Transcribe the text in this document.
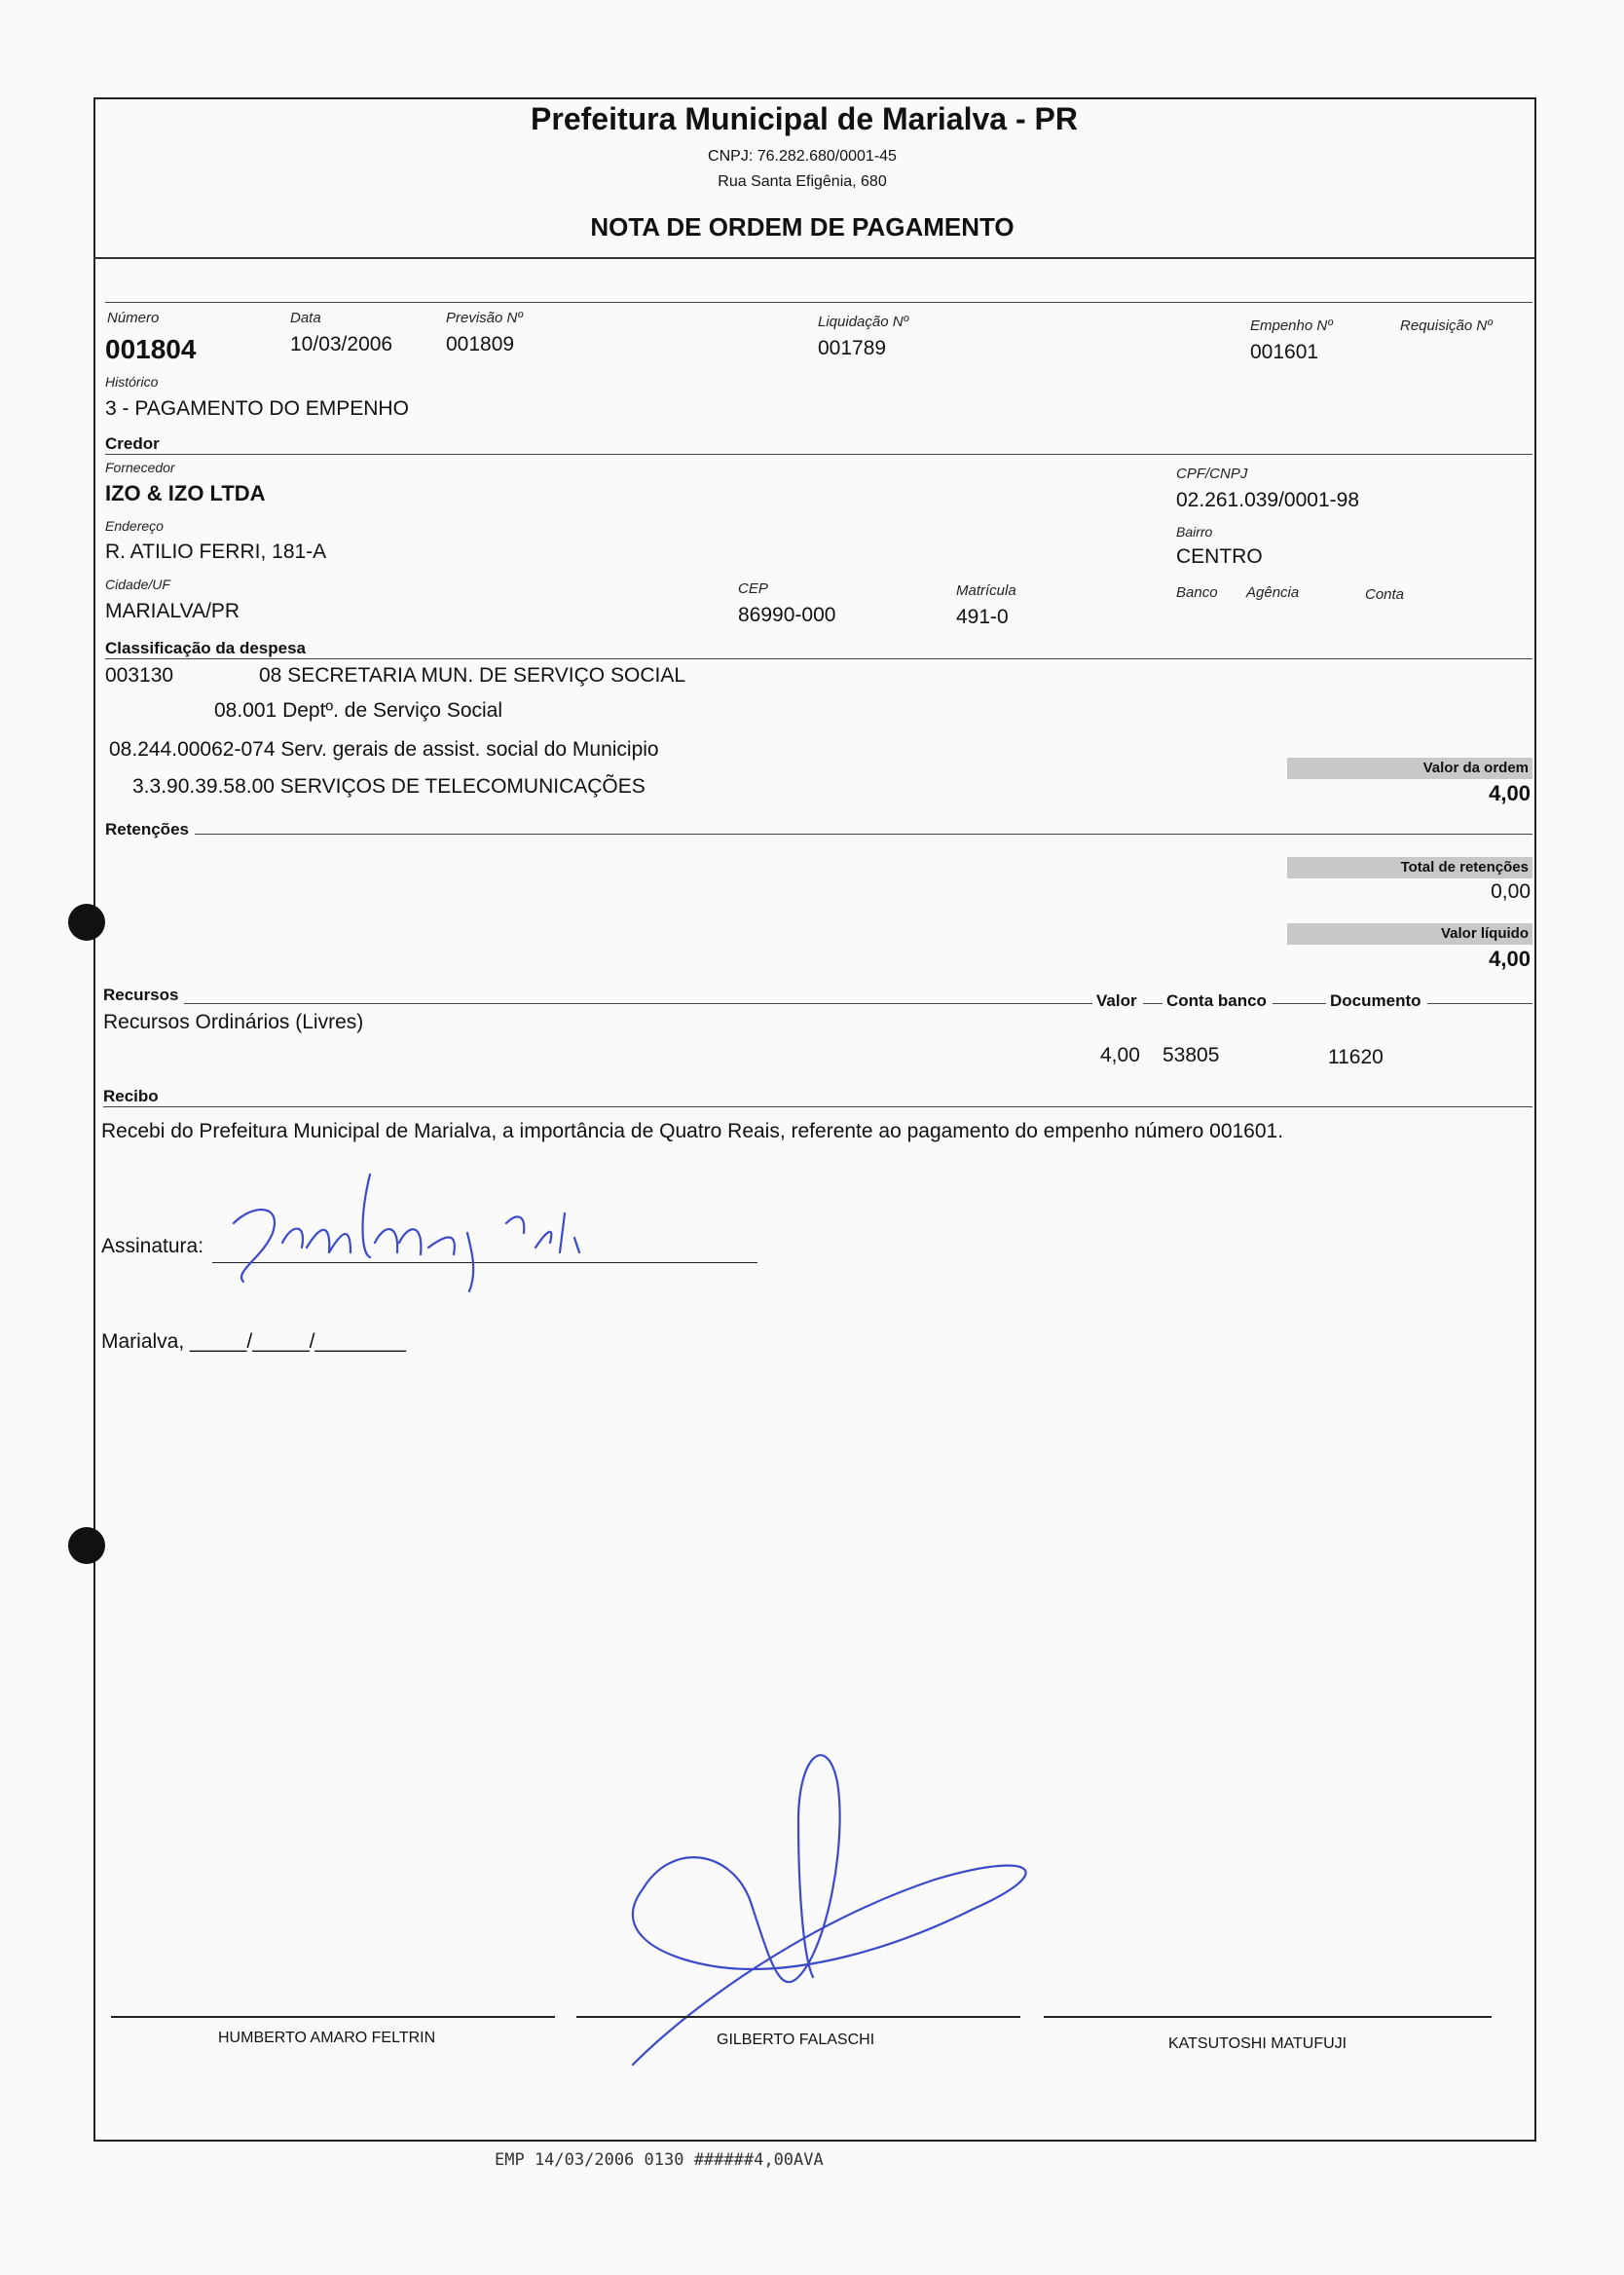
Prefeitura Municipal de Marialva - PR
CNPJ: 76.282.680/0001-45
Rua Santa Efigênia, 680
NOTA DE ORDEM DE PAGAMENTO
Número
001804
Data
10/03/2006
Previsão Nº
001809
Liquidação Nº
001789
Empenho Nº
001601
Requisição Nº
Histórico
3 - PAGAMENTO DO EMPENHO
Credor
Fornecedor
IZO & IZO LTDA
CPF/CNPJ
02.261.039/0001-98
Endereço
R. ATILIO FERRI, 181-A
Bairro
CENTRO
Cidade/UF
MARIALVA/PR
CEP
86990-000
Matrícula
491-0
Banco Agência	Conta
Classificação da despesa
003130	08 SECRETARIA MUN. DE SERVIÇO SOCIAL
08.001 Deptº. de Serviço Social
08.244.00062-074 Serv. gerais de assist. social do Municipio
3.3.90.39.58.00 SERVIÇOS DE TELECOMUNICAÇÕES
Valor da ordem
4,00
Retenções
Total de retenções
0,00
Valor líquido
4,00
Recursos	Valor	Conta banco	Documento
Recursos Ordinários (Livres)
4,00 53805	11620
Recibo
Recebi do Prefeitura Municipal de Marialva, a importância de Quatro Reais, referente ao pagamento do empenho número 001601.
Assinatura:
Marialva, _____/_____/________
HUMBERTO AMARO FELTRIN	GILBERTO FALASCHI	KATSUTOSHI MATUFUJI
EMP 14/03/2006 0130 ######4,00AVA
